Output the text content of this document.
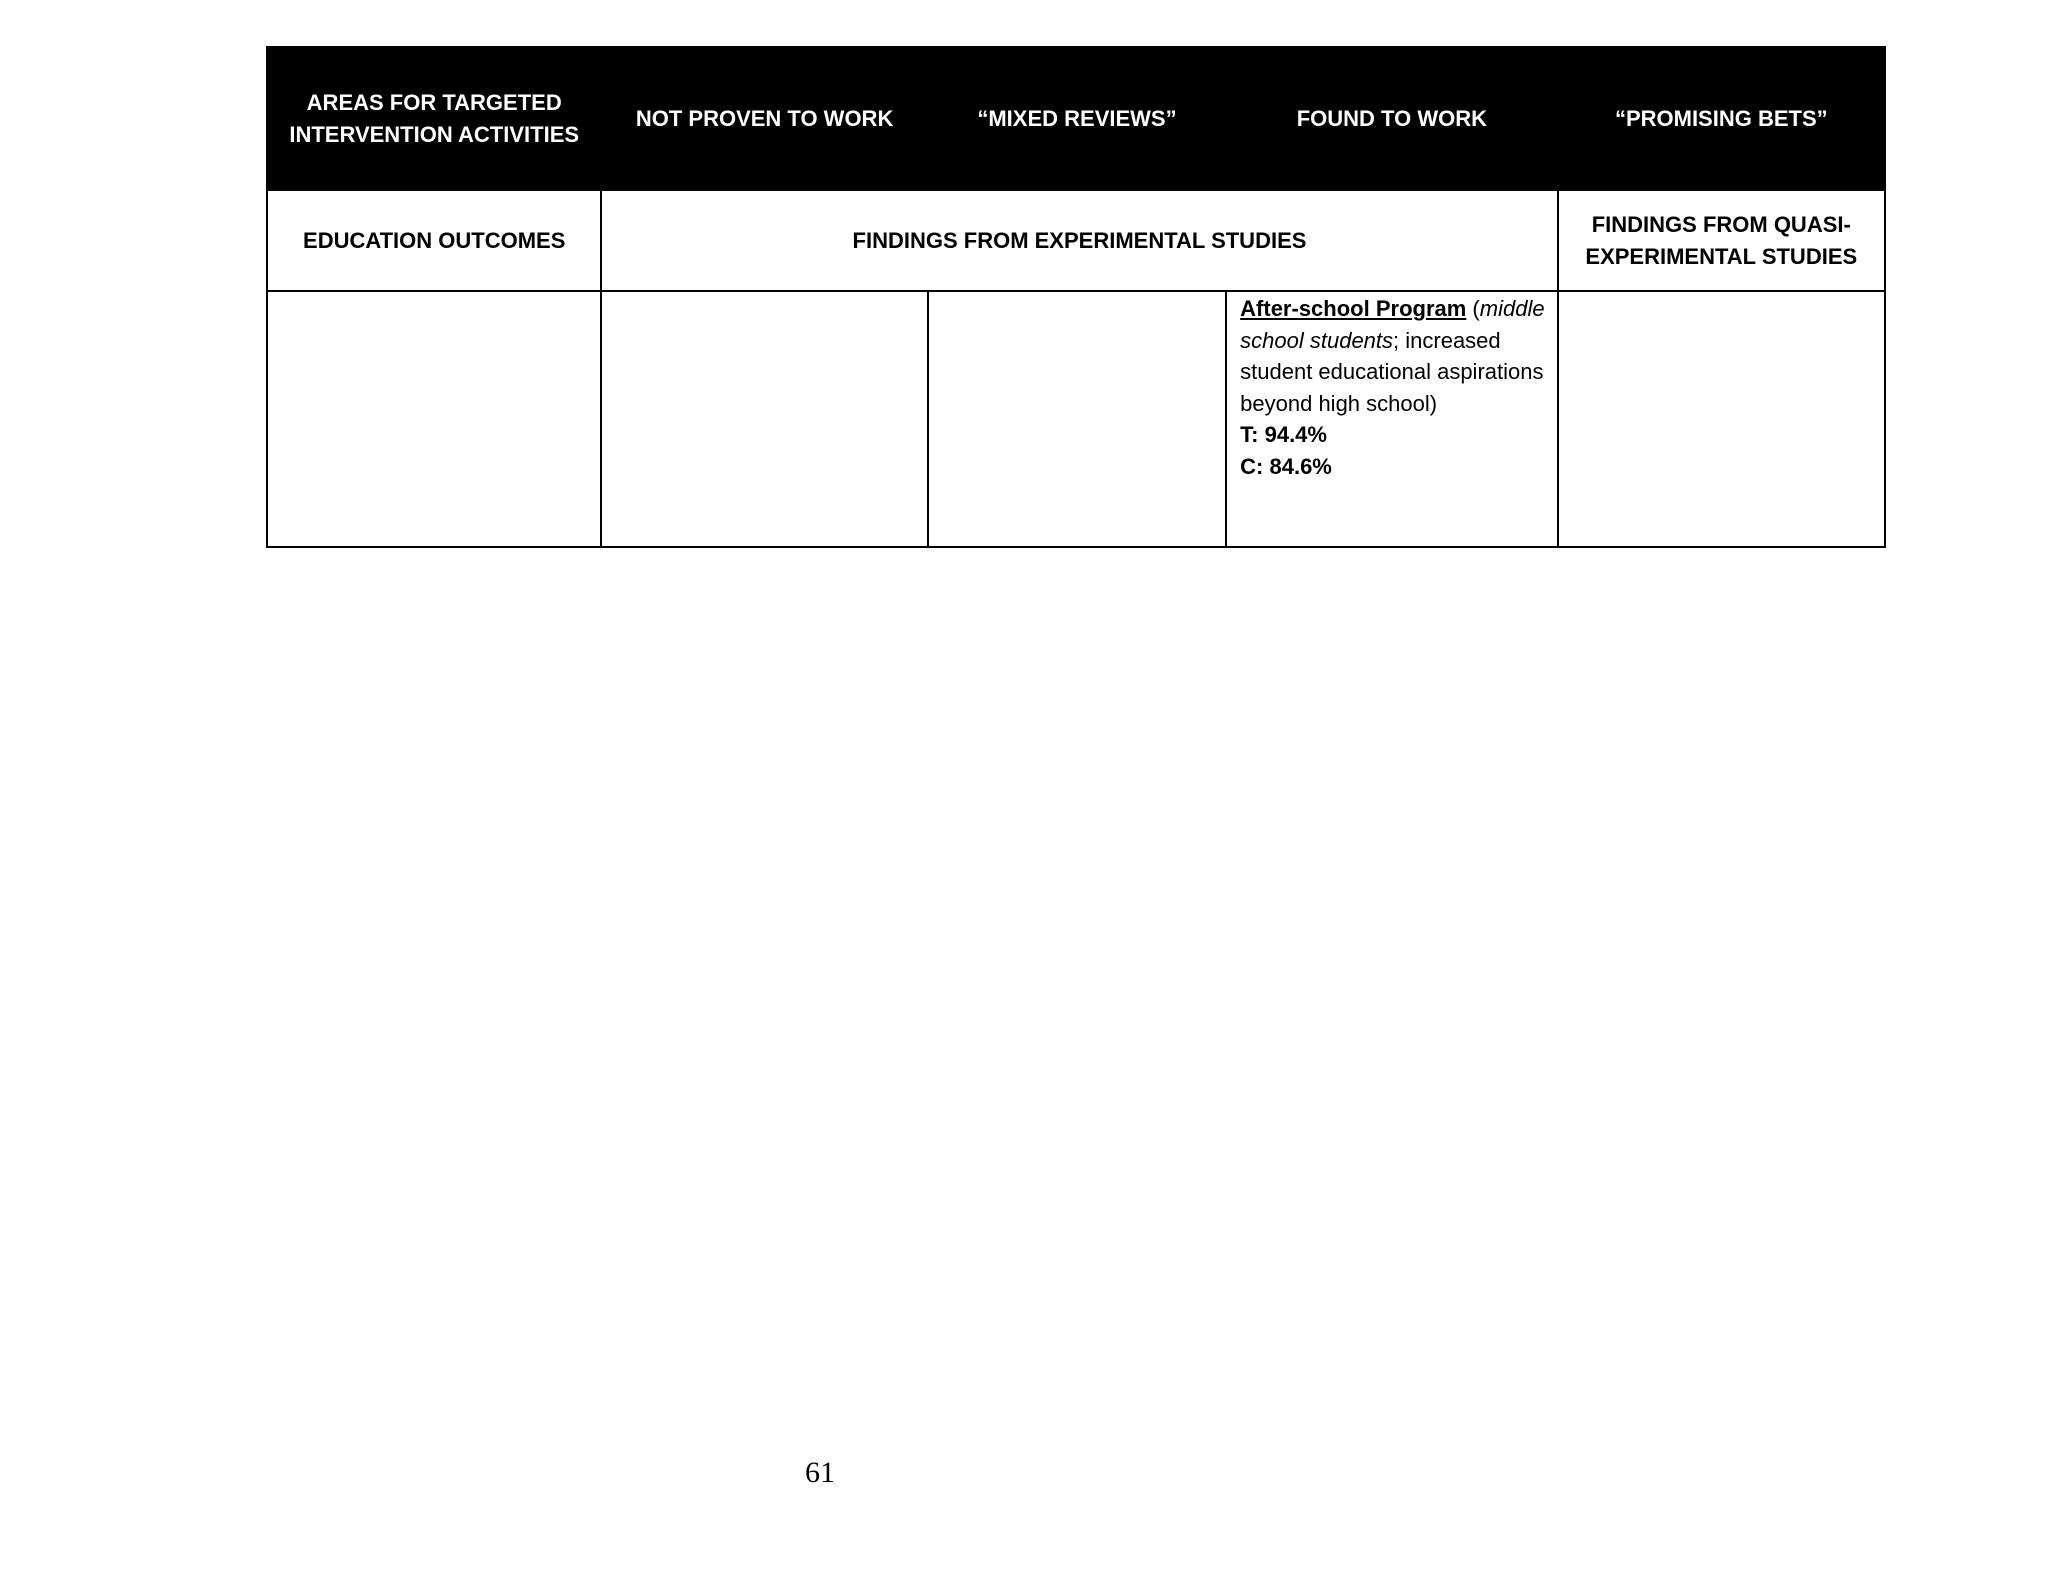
AREAS FOR TARGETED INTERVENTION ACTIVITIES	NOT PROVEN TO WORK	“MIXED REVIEWS”	FOUND TO WORK	“PROMISING BETS”
EDUCATION OUTCOMES	FINDINGS FROM EXPERIMENTAL STUDIES			FINDINGS FROM QUASI-EXPERIMENTAL STUDIES

			After-school Program (middle school students; increased student educational aspirations beyond high school)
T: 94.4%
C: 84.6%	

61
